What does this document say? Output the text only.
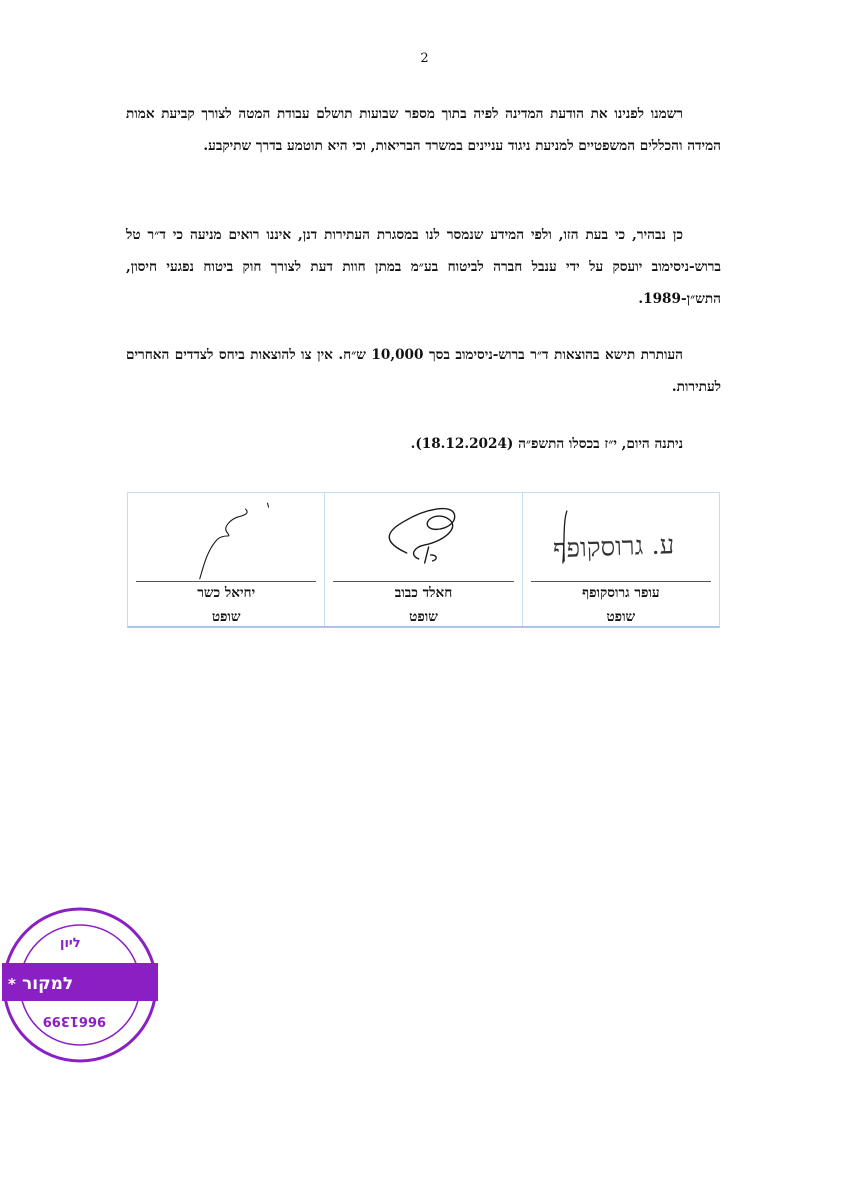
2

רשמנו לפנינו את הודעת המדינה לפיה בתוך מספר שבועות תושלם עבודת המטה לצורך קביעת אמות המידה והכללים המשפטיים למניעת ניגוד עניינים במשרד הבריאות, וכי היא תוטמע בדרך שתיקבע.

כן נבהיר, כי בעת הזו, ולפי המידע שנמסר לנו במסגרת העתירות דנן, איננו רואים מניעה כי ד״ר טל ברוש-ניסימוב יועסק על ידי ענבל חברה לביטוח בע״מ במתן חוות דעת לצורך חוק ביטוח נפגעי חיסון, התש״ן-1989.

העותרת תישא בהוצאות ד״ר ברוש-ניסימוב בסך 10,000 ש״ח. אין צו להוצאות ביחס לצדדים האחרים לעתירות.

ניתנה היום, י״ז בכסלו התשפ״ה (18.12.2024).

ע. גרוסקופף
עופר גרוסקופף
שופט
חאלד כבוב
שופט
יחיאל כשר
שופט
ליון
* למקור
9661399
